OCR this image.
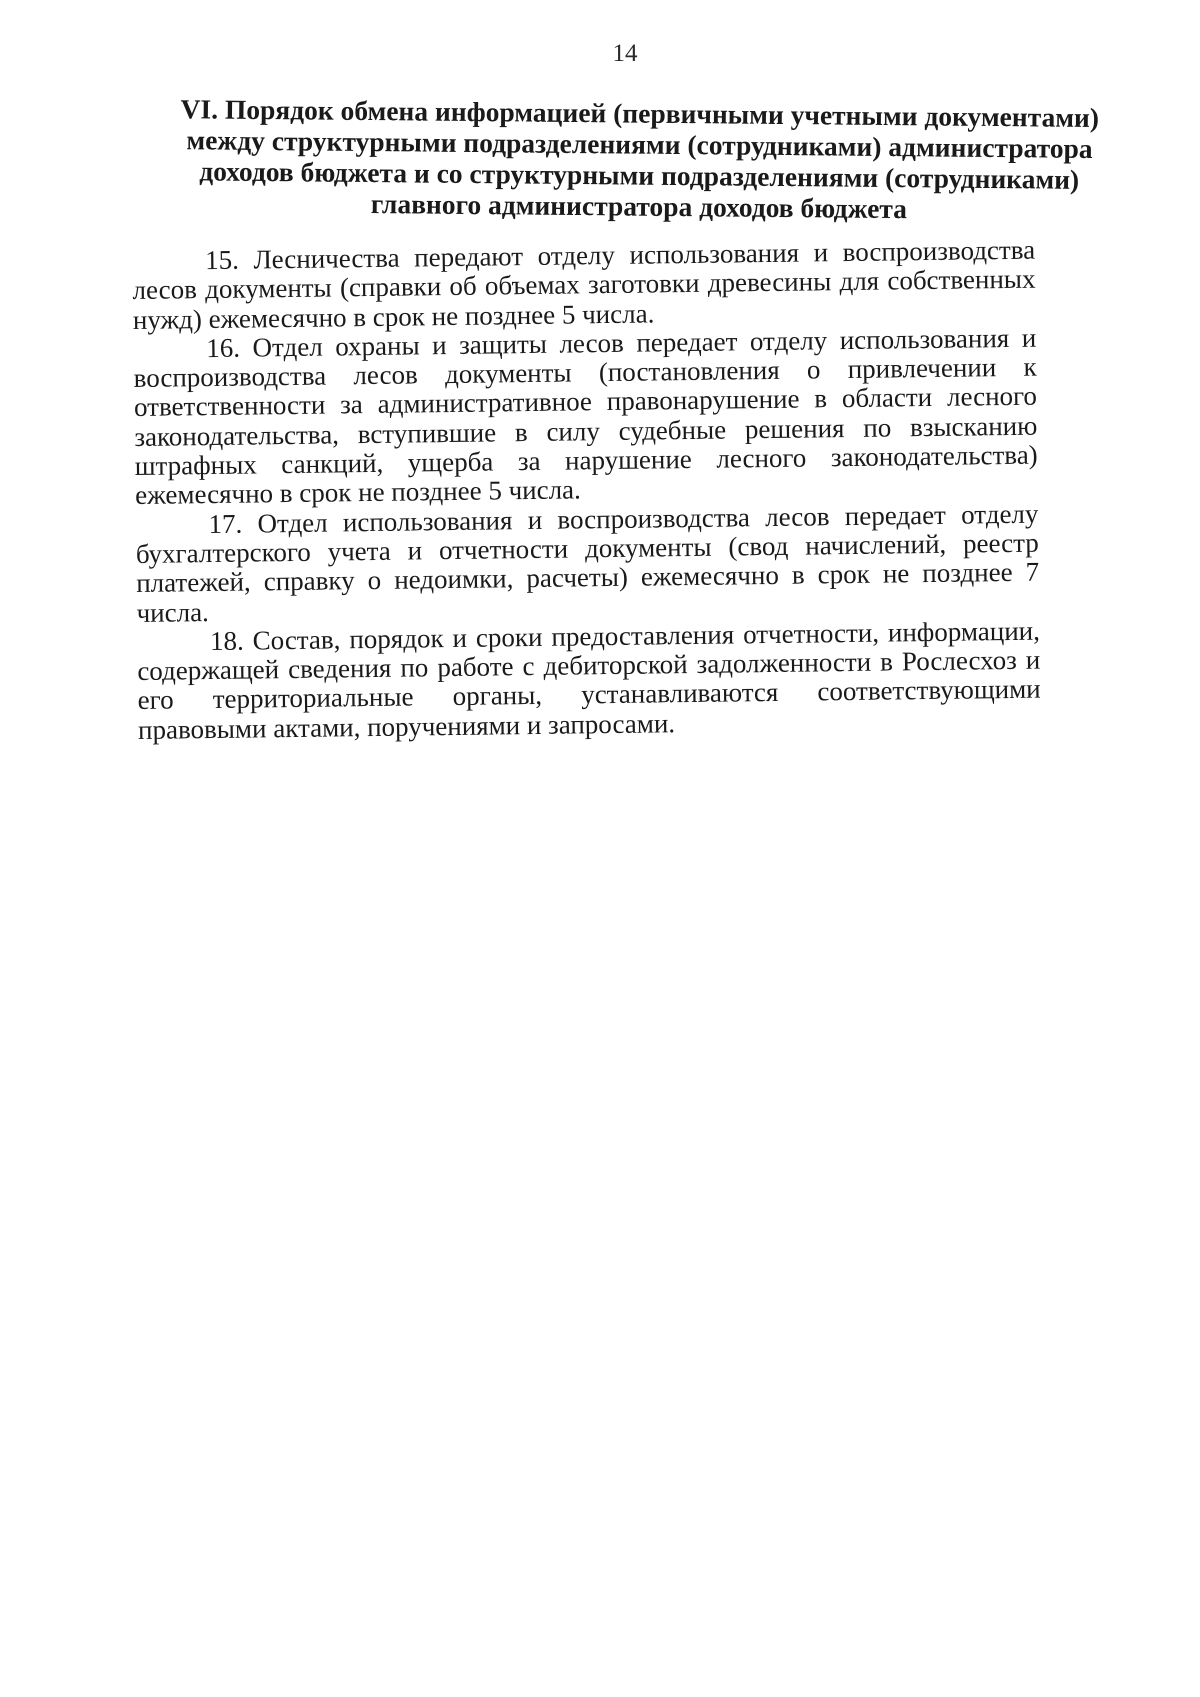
14
VI. Порядок обмена информацией (первичными учетными документами) между структурными подразделениями (сотрудниками) администратора доходов бюджета и со структурными подразделениями (сотрудниками) главного администратора доходов бюджета

15. Лесничества передают отделу использования и воспроизводства лесов документы (справки об объемах заготовки древесины для собственных нужд) ежемесячно в срок не позднее 5 числа.

16. Отдел охраны и защиты лесов передает отделу использования и воспроизводства лесов документы (постановления о привлечении к ответственности за административное правонарушение в области лесного законодательства, вступившие в силу судебные решения по взысканию штрафных санкций, ущерба за нарушение лесного законодательства) ежемесячно в срок не позднее 5 числа.

17. Отдел использования и воспроизводства лесов передает отделу бухгалтерского учета и отчетности документы (свод начислений, реестр платежей, справку о недоимки, расчеты) ежемесячно в срок не позднее 7 числа.

18. Состав, порядок и сроки предоставления отчетности, информации, содержащей сведения по работе с дебиторской задолженности в Рослесхоз и его территориальные органы, устанавливаются соответствующими правовыми актами, поручениями и запросами.
